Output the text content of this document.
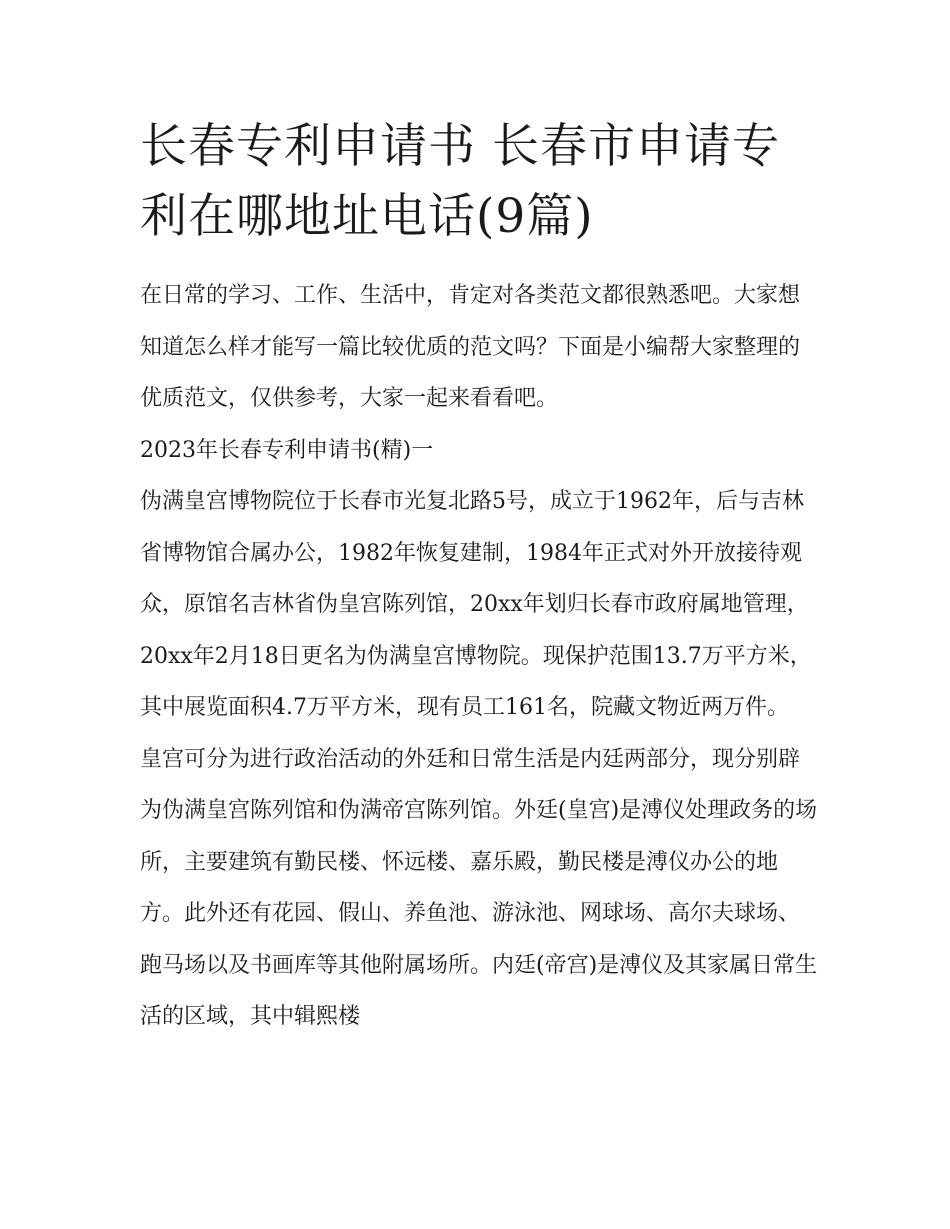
长春专利申请书 长春市申请专利在哪地址电话(9篇)

在日常的学习、工作、生活中，肯定对各类范文都很熟悉吧。大家想知道怎么样才能写一篇比较优质的范文吗？下面是小编帮大家整理的优质范文，仅供参考，大家一起来看看吧。

2023年长春专利申请书(精)一

伪满皇宫博物院位于长春市光复北路5号，成立于1962年，后与吉林省博物馆合属办公，1982年恢复建制，1984年正式对外开放接待观众，原馆名吉林省伪皇宫陈列馆，20xx年划归长春市政府属地管理，20xx年2月18日更名为伪满皇宫博物院。现保护范围13.7万平方米，其中展览面积4.7万平方米，现有员工161名，院藏文物近两万件。

皇宫可分为进行政治活动的外廷和日常生活是内廷两部分，现分别辟为伪满皇宫陈列馆和伪满帝宫陈列馆。外廷(皇宫)是溥仪处理政务的场所，主要建筑有勤民楼、怀远楼、嘉乐殿，勤民楼是溥仪办公的地方。此外还有花园、假山、养鱼池、游泳池、网球场、高尔夫球场、跑马场以及书画库等其他附属场所。内廷(帝宫)是溥仪及其家属日常生活的区域，其中辑熙楼
